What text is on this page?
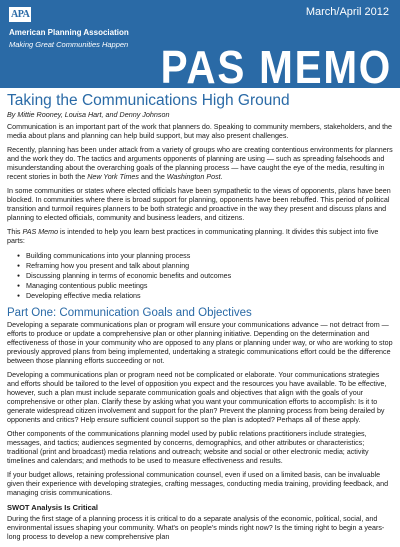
APA
American Planning Association
Making Great Communities Happen
March/April 2012
PAS MEMO
Taking the Communications High Ground
By Mittie Rooney, Louisa Hart, and Denny Johnson

Communication is an important part of the work that planners do. Speaking to community members, stakeholders, and the media about plans and planning can help build support, but may also present challenges.

Recently, planning has been under attack from a variety of groups who are creating contentious environments for planners and the work they do. The tactics and arguments opponents of planning are using — such as spreading falsehoods and misunderstanding about the overarching goals of the planning process — have caught the eye of the media, resulting in recent stories in both the New York Times and the Washington Post.

In some communities or states where elected officials have been sympathetic to the views of opponents, plans have been blocked. In communities where there is broad support for planning, opponents have been rebuffed. This period of political transition and turmoil requires planners to be both strategic and proactive in the way they present and discuss plans and planning to elected officials, community and business leaders, and citizens.

This PAS Memo is intended to help you learn best practices in communicating planning. It divides this subject into five parts:

● Building communications into your planning process
● Reframing how you present and talk about planning
● Discussing planning in terms of economic benefits and outcomes
● Managing contentious public meetings
● Developing effective media relations
Part One: Communication Goals and Objectives

Developing a separate communications plan or program will ensure your communications advance — not detract from — efforts to produce or update a comprehensive plan or other planning initiative. Depending on the determination and effectiveness of those in your community who are opposed to any plans or planning under way, or who are working to stop previously approved plans from being implemented, undertaking a strategic communications effort could be the difference between those planning efforts succeeding or not.

Developing a communications plan or program need not be complicated or elaborate. Your communications strategies and efforts should be tailored to the level of opposition you expect and the resources you have available. To be effective, however, such a plan must include separate communication goals and objectives that align with the goals of your comprehensive or other plan. Clarify these by asking what you want your communication efforts to accomplish: Is it to generate widespread citizen involvement and support for the plan? Prevent the planning process from being derailed by opponents and critics? Help ensure sufficient council support so the plan is adopted? Perhaps all of these apply.

Other components of the communications planning model used by public relations practitioners include strategies, messages, and tactics; audiences segmented by concerns, demographics, and other attributes or characteristics; traditional (print and broadcast) media relations and outreach; website and social or other electronic media; activity timelines and calendars; and methods to be used to measure effectiveness and results.

If your budget allows, retaining professional communication counsel, even if used on a limited basis, can be invaluable given their experience with developing strategies, crafting messages, conducting media training, providing feedback, and managing crisis communications.

SWOT Analysis Is Critical

During the first stage of a planning process it is critical to do a separate analysis of the economic, political, social, and environmental issues shaping your community. What's on people's minds right now? Is the timing right to begin a years-long process to develop a new comprehensive plan
